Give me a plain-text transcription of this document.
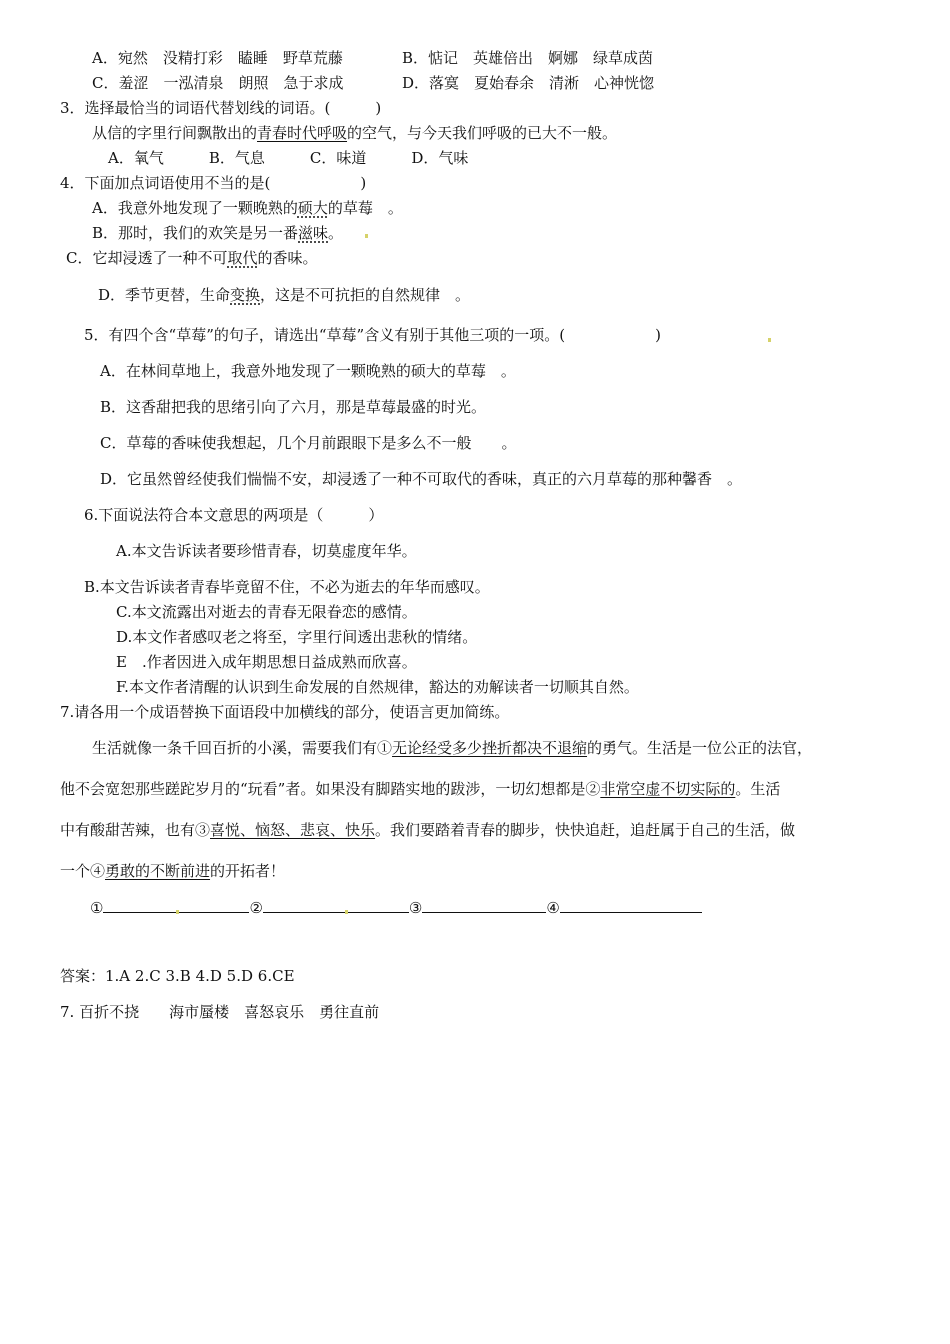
A．宛然　没精打彩　瞌睡　野草荒藤	B．惦记　英雄倍出　婀娜　绿草成茵
C．羞涩　一泓清泉　朗照　急于求成	D．落寞　夏始春余　清淅　心神恍惚
3．选择最恰当的词语代替划线的词语。(　　　)
从信的字里行间飘散出的青春时代呼吸的空气，与今天我们呼吸的已大不一般。
A．氧气　　　B．气息　　　C．味道　　　D．气味
4．下面加点词语使用不当的是(　　　　　　)
A．我意外地发现了一颗晚熟的硕大的草莓　。
B．那时，我们的欢笑是另一番滋味。
C．它却浸透了一种不可取代的香味。
D．季节更替，生命变换，这是不可抗拒的自然规律　。
5．有四个含“草莓”的句子，请选出“草莓”含义有别于其他三项的一项。(　　　　　　)
A．在林间草地上，我意外地发现了一颗晚熟的硕大的草莓　。
B．这香甜把我的思绪引向了六月，那是草莓最盛的时光。
C．草莓的香味使我想起，几个月前跟眼下是多么不一般　　。
D．它虽然曾经使我们惴惴不安，却浸透了一种不可取代的香味，真正的六月草莓的那种馨香　。
6.下面说法符合本文意思的两项是（　　　）
A.本文告诉读者要珍惜青春，切莫虚度年华。
B.本文告诉读者青春毕竟留不住，不必为逝去的年华而感叹。
C.本文流露出对逝去的青春无限眷恋的感情。
D.本文作者感叹老之将至，字里行间透出悲秋的情绪。
E　.作者因进入成年期思想日益成熟而欣喜。
F.本文作者清醒的认识到生命发展的自然规律，豁达的劝解读者一切顺其自然。
7.请各用一个成语替换下面语段中加横线的部分，使语言更加简练。
生活就像一条千回百折的小溪，需要我们有①无论经受多少挫折都决不退缩的勇气。生活是一位公正的法官，
他不会宽恕那些蹉跎岁月的“玩看”者。如果没有脚踏实地的跋涉，一切幻想都是②非常空虚不切实际的。生活
中有酸甜苦辣，也有③喜悦、恼怒、悲哀、快乐。我们要踏着青春的脚步，快快追赶，追赶属于自己的生活，做
一个④勇敢的不断前进的开拓者！
①	②	③	④
答案：1.A 2.C 3.B 4.D 5.D 6.CE
7. 百折不挠　　海市蜃楼　喜怒哀乐　勇往直前
